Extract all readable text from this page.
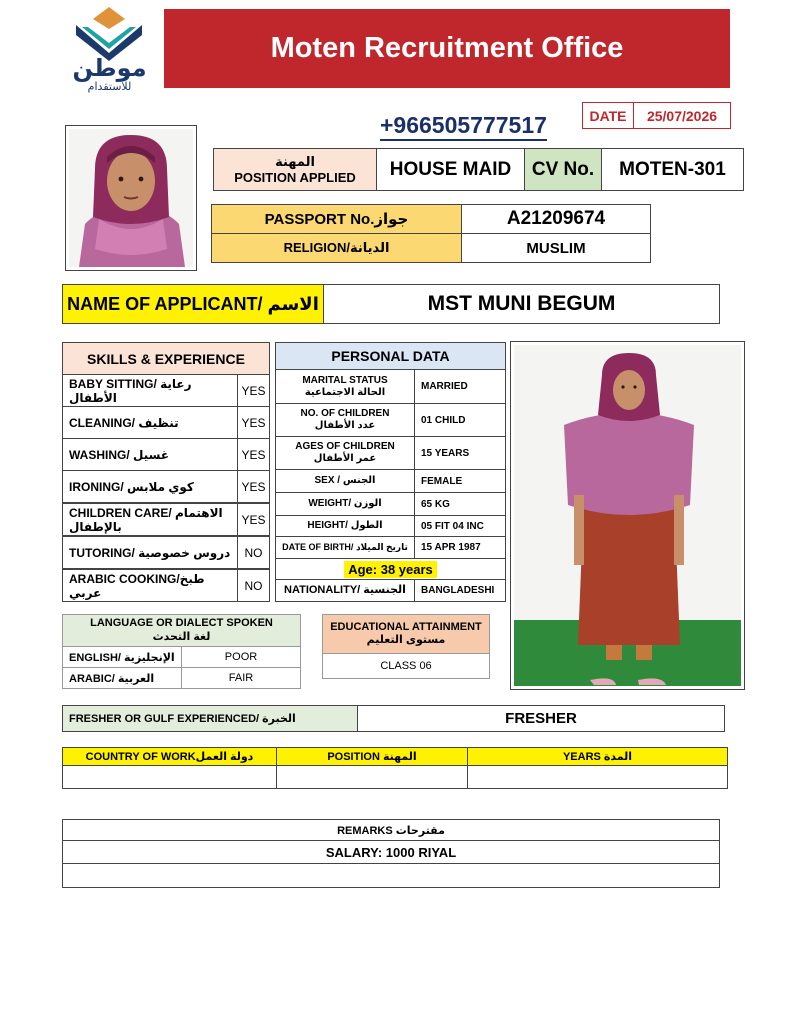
موطن
للاستقدام
Moten Recruitment Office
+966505777517	DATE	25/07/2026
المهنة
POSITION APPLIED	HOUSE MAID	CV No.	MOTEN-301
PASSPORT No.جواز	A21209674
RELIGION/الديانة	MUSLIM
NAME OF APPLICANT/ الاسم	MST MUNI BEGUM
SKILLS & EXPERIENCE
BABY SITTING/ رعاية الأطفال	YES
CLEANING/ تنظيف	YES
WASHING/ غسيل	YES
IRONING/ كوي ملابس	YES
CHILDREN CARE/ الاهتمام بالإطفال	YES
TUTORING/ دروس خصوصية	NO
ARABIC COOKING/طبخ عربي	NO
PERSONAL DATA
MARITAL STATUS
الحالة الاجتماعية	MARRIED
NO. OF CHILDREN
عدد الأطفال	01 CHILD
AGES OF CHILDREN
عمر الأطفال	15 YEARS
SEX / الجنس	FEMALE
WEIGHT/ الوزن	65 KG
HEIGHT/ الطول	05 FIT 04 INC
DATE OF BIRTH/ تاريخ الميلاد	15 APR 1987
Age: 38 years
NATIONALITY/ الجنسية	BANGLADESHI
LANGUAGE OR DIALECT SPOKEN
لغة التحدث
ENGLISH/ الإنجليزية	POOR
ARABIC/ العربية	FAIR
EDUCATIONAL ATTAINMENT
مستوى التعليم
CLASS 06
FRESHER OR GULF EXPERIENCED/ الخبرة	FRESHER
COUNTRY OF WORKدولة العمل	POSITION المهنة	YEARS المدة
REMARKS مقترحات
SALARY: 1000 RIYAL
